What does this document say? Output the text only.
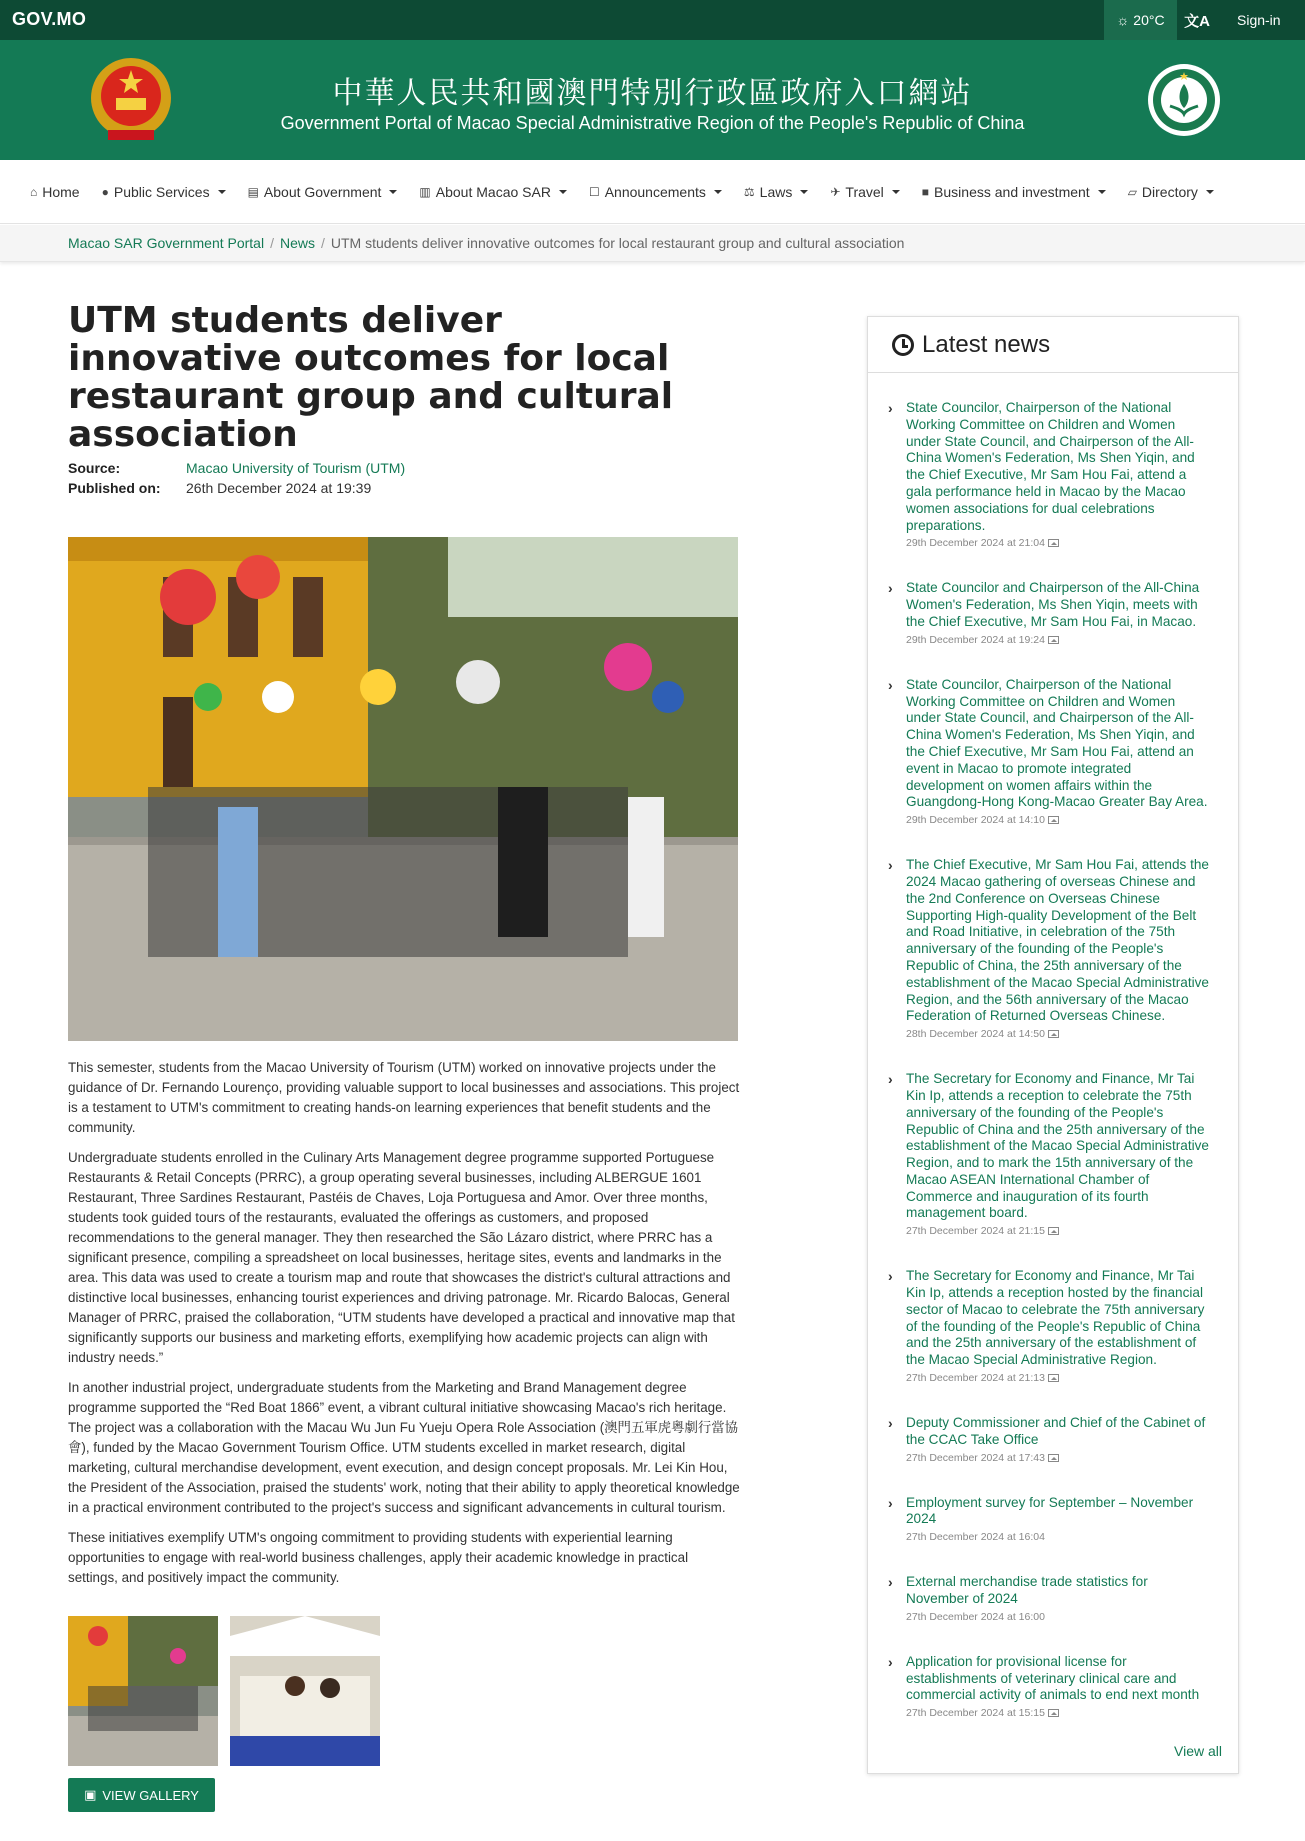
GOV.MO	☼ 20°C	文A	Sign-in
中華人民共和國澳門特別行政區政府入口網站
Government Portal of Macao Special Administrative Region of the People's Republic of China
⌂ Home ● Public Services	▤ About Government	▥ About Macao SAR	☐ Announcements	⚖ Laws	✈ Travel	■ Business and investment	▱ Directory
Macao SAR Government Portal / News / UTM students deliver innovative outcomes for local restaurant group and cultural association
UTM students deliver innovative outcomes for local restaurant group and cultural association
Source:	Macao University of Tourism (UTM)
Published on: 26th December 2024 at 19:39

This semester, students from the Macao University of Tourism (UTM) worked on innovative projects under the guidance of Dr. Fernando Lourenço, providing valuable support to local businesses and associations. This project is a testament to UTM's commitment to creating hands-on learning experiences that benefit students and the community.

Undergraduate students enrolled in the Culinary Arts Management degree programme supported Portuguese Restaurants & Retail Concepts (PRRC), a group operating several businesses, including ALBERGUE 1601 Restaurant, Three Sardines Restaurant, Pastéis de Chaves, Loja Portuguesa and Amor. Over three months, students took guided tours of the restaurants, evaluated the offerings as customers, and proposed recommendations to the general manager. They then researched the São Lázaro district, where PRRC has a significant presence, compiling a spreadsheet on local businesses, heritage sites, events and landmarks in the area. This data was used to create a tourism map and route that showcases the district's cultural attractions and distinctive local businesses, enhancing tourist experiences and driving patronage. Mr. Ricardo Balocas, General Manager of PRRC, praised the collaboration, “UTM students have developed a practical and innovative map that significantly supports our business and marketing efforts, exemplifying how academic projects can align with industry needs.”

In another industrial project, undergraduate students from the Marketing and Brand Management degree programme supported the “Red Boat 1866” event, a vibrant cultural initiative showcasing Macao's rich heritage. The project was a collaboration with the Macau Wu Jun Fu Yueju Opera Role Association (澳門五軍虎粵劇行當協會), funded by the Macao Government Tourism Office. UTM students excelled in market research, digital marketing, cultural merchandise development, event execution, and design concept proposals. Mr. Lei Kin Hou, the President of the Association, praised the students' work, noting that their ability to apply theoretical knowledge in a practical environment contributed to the project's success and significant advancements in cultural tourism.

These initiatives exemplify UTM's ongoing commitment to providing students with experiential learning opportunities to engage with real-world business challenges, apply their academic knowledge in practical settings, and positively impact the community.

▣ VIEW GALLERY
Latest news
› State Councilor, Chairperson of the National Working Committee on Children and Women under State Council, and Chairperson of the All-China Women's Federation, Ms Shen Yiqin, and the Chief Executive, Mr Sam Hou Fai, attend a gala performance held in Macao by the Macao women associations for dual celebrations preparations.
29th December 2024 at 21:04
› State Councilor and Chairperson of the All-China Women's Federation, Ms Shen Yiqin, meets with the Chief Executive, Mr Sam Hou Fai, in Macao.
29th December 2024 at 19:24
› State Councilor, Chairperson of the National Working Committee on Children and Women under State Council, and Chairperson of the All-China Women's Federation, Ms Shen Yiqin, and the Chief Executive, Mr Sam Hou Fai, attend an event in Macao to promote integrated development on women affairs within the Guangdong-Hong Kong-Macao Greater Bay Area.
29th December 2024 at 14:10
› The Chief Executive, Mr Sam Hou Fai, attends the 2024 Macao gathering of overseas Chinese and the 2nd Conference on Overseas Chinese Supporting High-quality Development of the Belt and Road Initiative, in celebration of the 75th anniversary of the founding of the People's Republic of China, the 25th anniversary of the establishment of the Macao Special Administrative Region, and the 56th anniversary of the Macao Federation of Returned Overseas Chinese.
28th December 2024 at 14:50
› The Secretary for Economy and Finance, Mr Tai Kin Ip, attends a reception to celebrate the 75th anniversary of the founding of the People's Republic of China and the 25th anniversary of the establishment of the Macao Special Administrative Region, and to mark the 15th anniversary of the Macao ASEAN International Chamber of Commerce and inauguration of its fourth management board.
27th December 2024 at 21:15
› The Secretary for Economy and Finance, Mr Tai Kin Ip, attends a reception hosted by the financial sector of Macao to celebrate the 75th anniversary of the founding of the People's Republic of China and the 25th anniversary of the establishment of the Macao Special Administrative Region.
27th December 2024 at 21:13
› Deputy Commissioner and Chief of the Cabinet of the CCAC Take Office
27th December 2024 at 17:43
› Employment survey for September – November 2024
27th December 2024 at 16:04
› External merchandise trade statistics for November of 2024
27th December 2024 at 16:00
› Application for provisional license for establishments of veterinary clinical care and commercial activity of animals to end next month
27th December 2024 at 15:15
View all
